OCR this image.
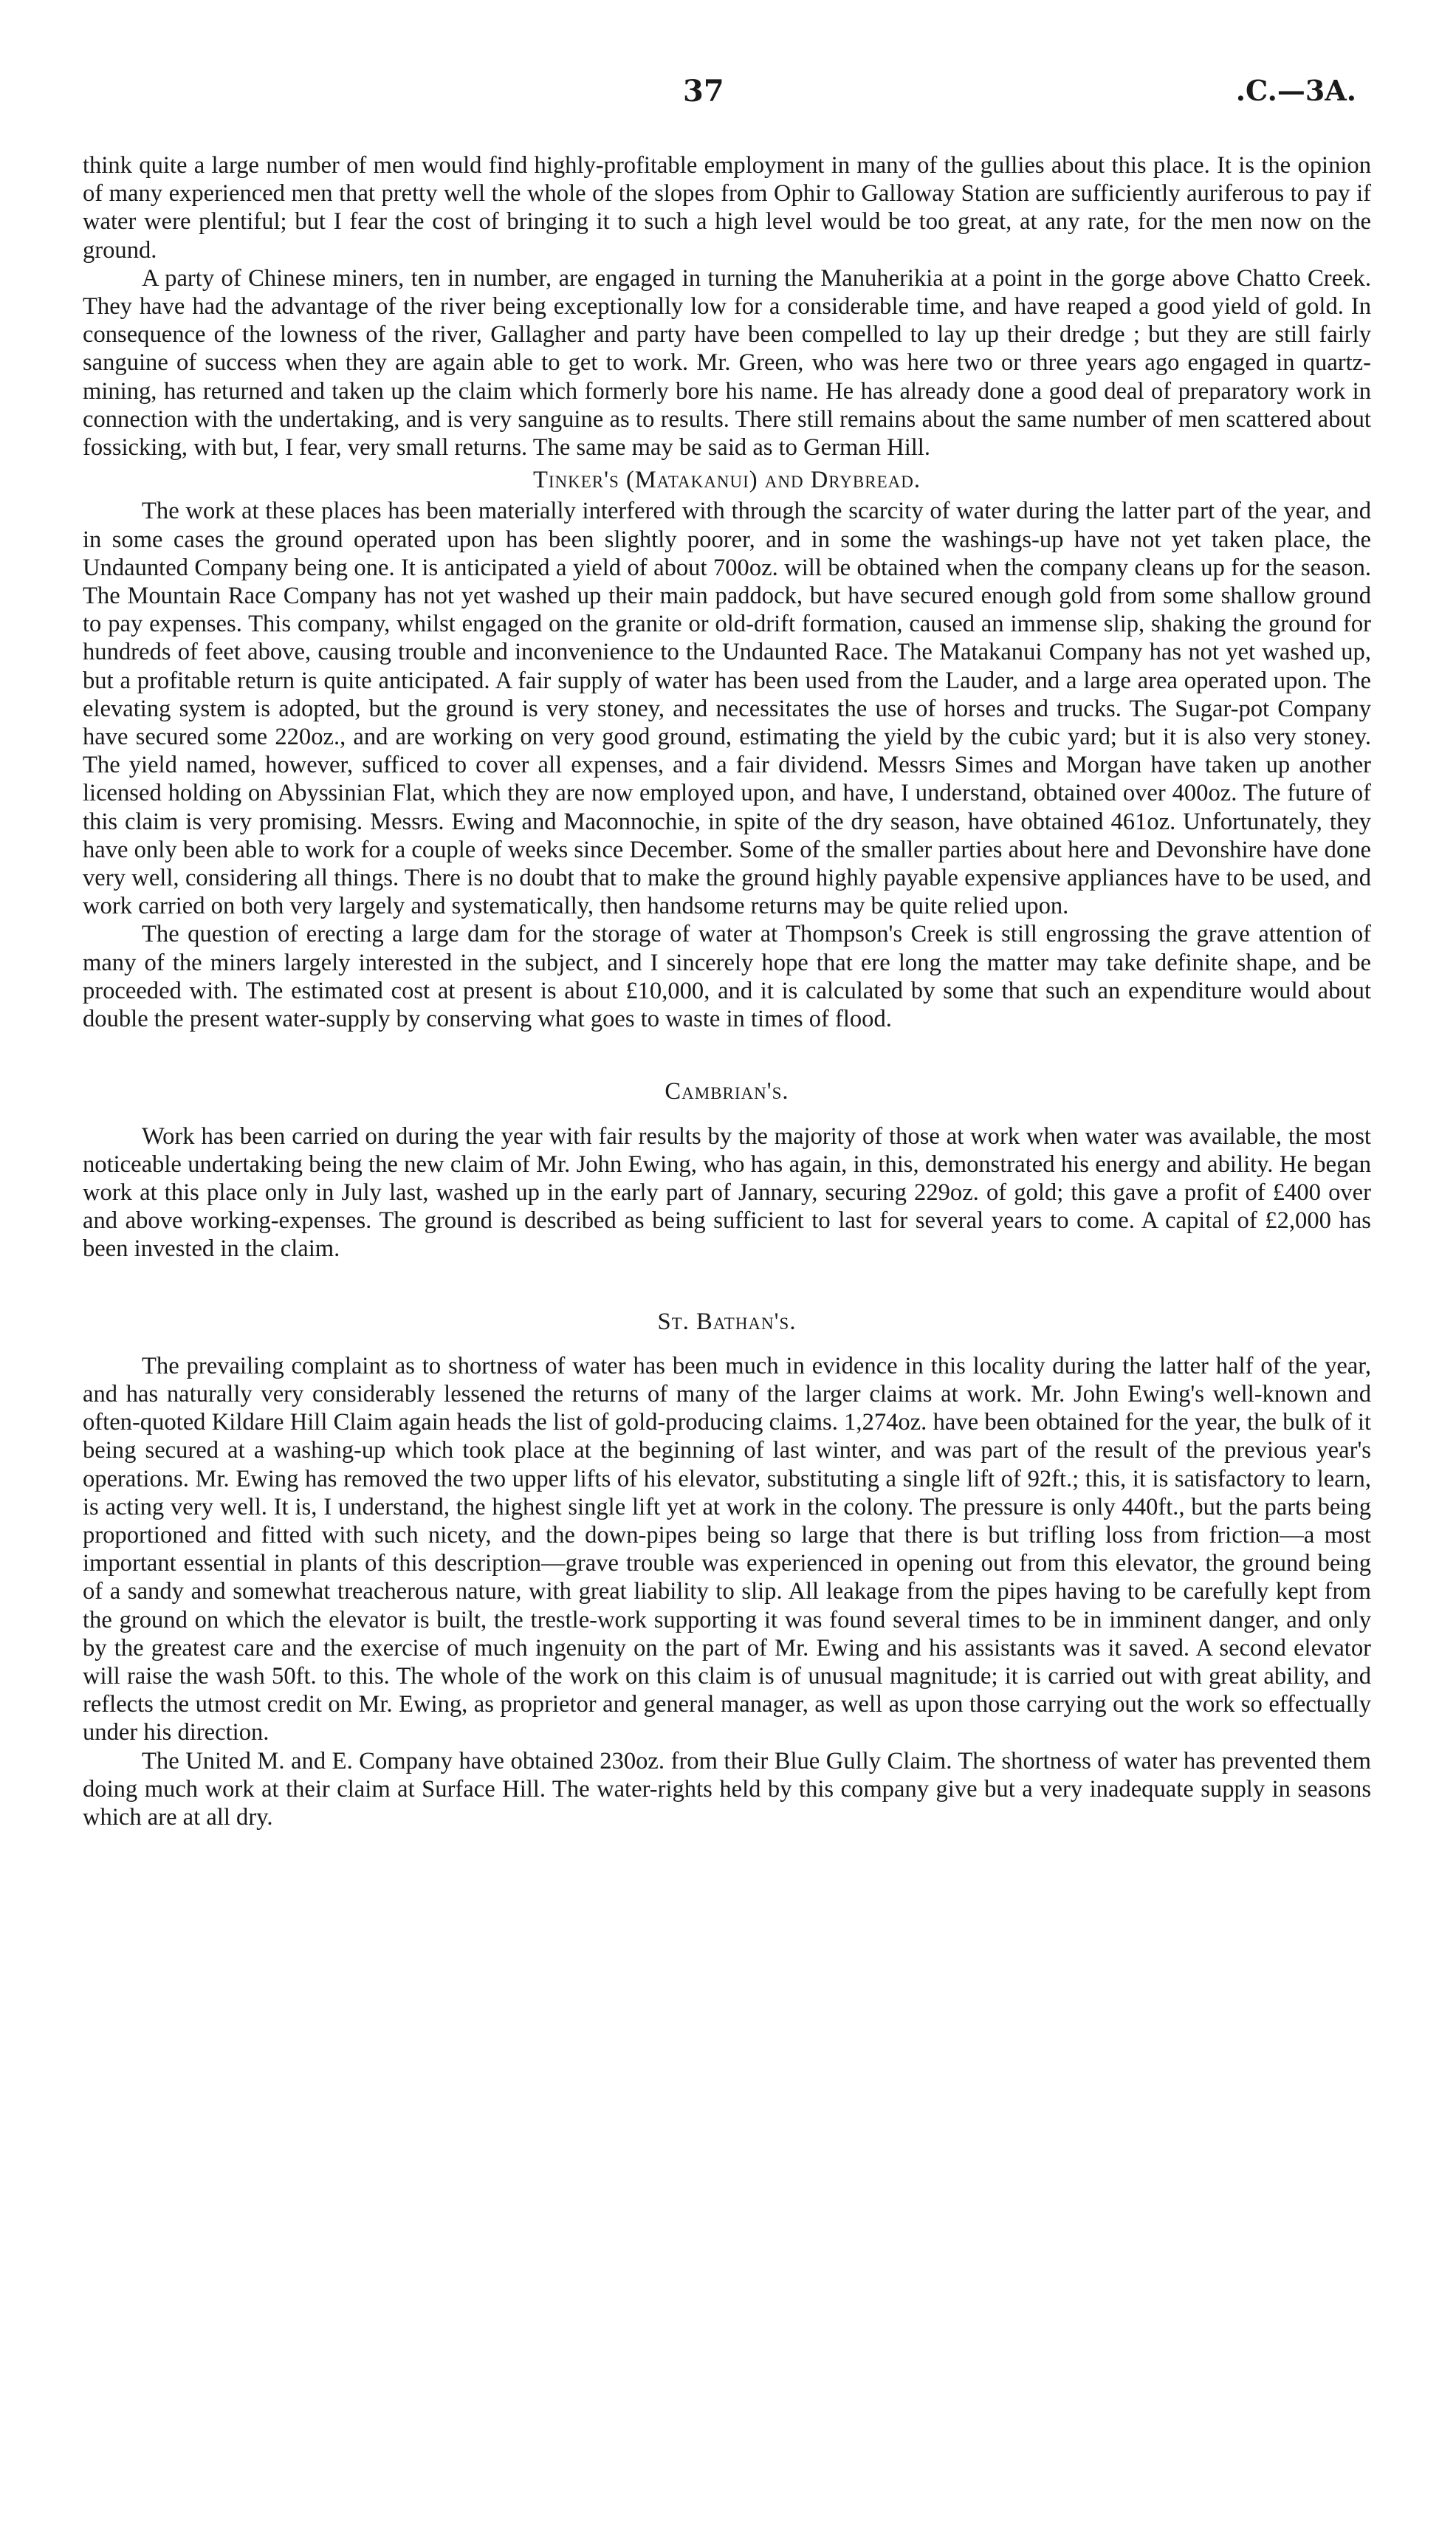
37	.C.—3A.

think quite a large number of men would find highly-profitable employment in many of the gullies about this place. It is the opinion of many experienced men that pretty well the whole of the slopes from Ophir to Galloway Station are sufficiently auriferous to pay if water were plentiful; but I fear the cost of bringing it to such a high level would be too great, at any rate, for the men now on the ground.

A party of Chinese miners, ten in number, are engaged in turning the Manuherikia at a point in the gorge above Chatto Creek. They have had the advantage of the river being exceptionally low for a considerable time, and have reaped a good yield of gold. In consequence of the lowness of the river, Gallagher and party have been compelled to lay up their dredge ; but they are still fairly sanguine of success when they are again able to get to work. Mr. Green, who was here two or three years ago engaged in quartz-mining, has returned and taken up the claim which formerly bore his name. He has already done a good deal of preparatory work in connection with the undertaking, and is very sanguine as to results. There still remains about the same number of men scattered about fossicking, with but, I fear, very small returns. The same may be said as to German Hill.

Tinker's (Matakanui) and Drybread.

The work at these places has been materially interfered with through the scarcity of water during the latter part of the year, and in some cases the ground operated upon has been slightly poorer, and in some the washings-up have not yet taken place, the Undaunted Company being one. It is anticipated a yield of about 700oz. will be obtained when the company cleans up for the season. The Mountain Race Company has not yet washed up their main paddock, but have secured enough gold from some shallow ground to pay expenses. This company, whilst engaged on the granite or old-drift formation, caused an immense slip, shaking the ground for hundreds of feet above, causing trouble and inconvenience to the Undaunted Race. The Matakanui Company has not yet washed up, but a profitable return is quite anticipated. A fair supply of water has been used from the Lauder, and a large area operated upon. The elevating system is adopted, but the ground is very stoney, and necessitates the use of horses and trucks. The Sugar-pot Company have secured some 220oz., and are working on very good ground, estimating the yield by the cubic yard; but it is also very stoney. The yield named, however, sufficed to cover all expenses, and a fair dividend. Messrs Simes and Morgan have taken up another licensed holding on Abyssinian Flat, which they are now employed upon, and have, I understand, obtained over 400oz. The future of this claim is very promising. Messrs. Ewing and Maconnochie, in spite of the dry season, have obtained 461oz. Unfortunately, they have only been able to work for a couple of weeks since December. Some of the smaller parties about here and Devonshire have done very well, considering all things. There is no doubt that to make the ground highly payable expensive appliances have to be used, and work carried on both very largely and systematically, then handsome returns may be quite relied upon.

The question of erecting a large dam for the storage of water at Thompson's Creek is still engrossing the grave attention of many of the miners largely interested in the subject, and I sincerely hope that ere long the matter may take definite shape, and be proceeded with. The estimated cost at present is about £10,000, and it is calculated by some that such an expenditure would about double the present water-supply by conserving what goes to waste in times of flood.

Cambrian's.

Work has been carried on during the year with fair results by the majority of those at work when water was available, the most noticeable undertaking being the new claim of Mr. John Ewing, who has again, in this, demonstrated his energy and ability. He began work at this place only in July last, washed up in the early part of Jannary, securing 229oz. of gold; this gave a profit of £400 over and above working-expenses. The ground is described as being sufficient to last for several years to come. A capital of £2,000 has been invested in the claim.

St. Bathan's.

The prevailing complaint as to shortness of water has been much in evidence in this locality during the latter half of the year, and has naturally very considerably lessened the returns of many of the larger claims at work. Mr. John Ewing's well-known and often-quoted Kildare Hill Claim again heads the list of gold-producing claims. 1,274oz. have been obtained for the year, the bulk of it being secured at a washing-up which took place at the beginning of last winter, and was part of the result of the previous year's operations. Mr. Ewing has removed the two upper lifts of his elevator, substituting a single lift of 92ft.; this, it is satisfactory to learn, is acting very well. It is, I understand, the highest single lift yet at work in the colony. The pressure is only 440ft., but the parts being proportioned and fitted with such nicety, and the down-pipes being so large that there is but trifling loss from friction—a most important essential in plants of this description—grave trouble was experienced in opening out from this elevator, the ground being of a sandy and somewhat treacherous nature, with great liability to slip. All leakage from the pipes having to be carefully kept from the ground on which the elevator is built, the trestle-work supporting it was found several times to be in imminent danger, and only by the greatest care and the exercise of much ingenuity on the part of Mr. Ewing and his assistants was it saved. A second elevator will raise the wash 50ft. to this. The whole of the work on this claim is of unusual magnitude; it is carried out with great ability, and reflects the utmost credit on Mr. Ewing, as proprietor and general manager, as well as upon those carrying out the work so effectually under his direction.

The United M. and E. Company have obtained 230oz. from their Blue Gully Claim. The shortness of water has prevented them doing much work at their claim at Surface Hill. The water-rights held by this company give but a very inadequate supply in seasons which are at all dry.
